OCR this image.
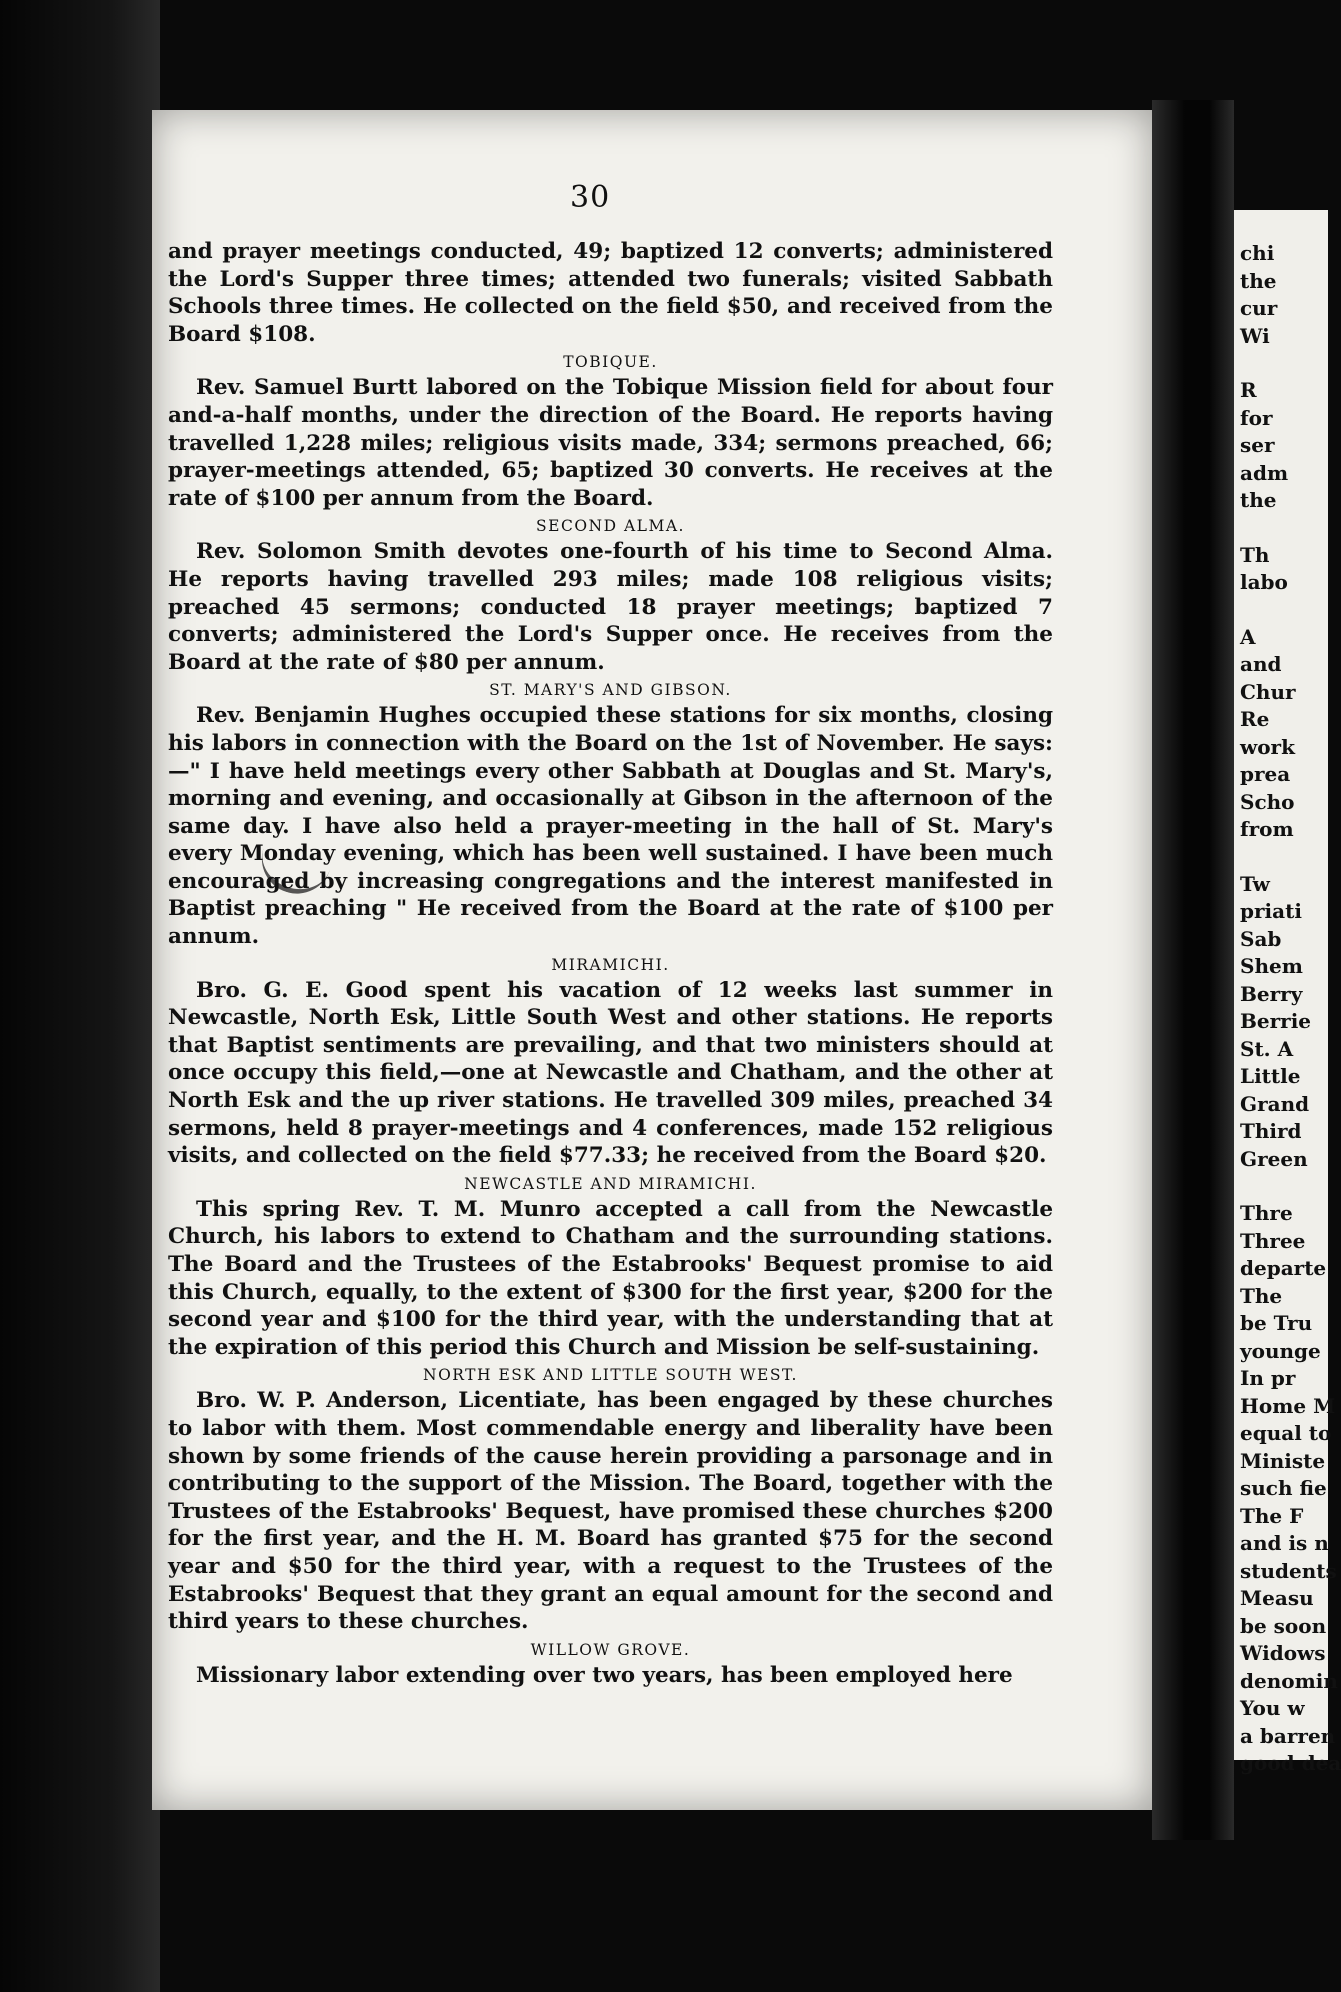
chi
the
cur
Wi
R
for
ser
adm
the
Th
labo
A
and
Chur
Re
work
prea
Scho
from
Tw
priati
Sab
Shem
Berry
Berrie
St. A
Little
Grand
Third
Green
Thre
Three
departe
The
be Tru
younge
In pr
Home M
equal to
Ministe
such fie
The F
and is n
students
Measu
be soon
Widows
denomin
You w
a barren
good dea
30

and prayer meetings conducted, 49; baptized 12 converts; administered the Lord's Supper three times; attended two funerals; visited Sabbath Schools three times. He collected on the field $50, and received from the Board $108.

TOBIQUE.

Rev. Samuel Burtt labored on the Tobique Mission field for about four and-a-half months, under the direction of the Board. He reports having travelled 1,228 miles; religious visits made, 334; sermons preached, 66; prayer-meetings attended, 65; baptized 30 converts. He receives at the rate of $100 per annum from the Board.

SECOND ALMA.

Rev. Solomon Smith devotes one-fourth of his time to Second Alma. He reports having travelled 293 miles; made 108 religious visits; preached 45 sermons; conducted 18 prayer meetings; baptized 7 converts; administered the Lord's Supper once. He receives from the Board at the rate of $80 per annum.

ST. MARY'S AND GIBSON.

Rev. Benjamin Hughes occupied these stations for six months, closing his labors in connection with the Board on the 1st of November. He says:—" I have held meetings every other Sabbath at Douglas and St. Mary's, morning and evening, and occasionally at Gibson in the afternoon of the same day. I have also held a prayer-meeting in the hall of St. Mary's every Monday evening, which has been well sustained. I have been much encouraged by increasing congregations and the interest manifested in Baptist preaching " He received from the Board at the rate of $100 per annum.

MIRAMICHI.

Bro. G. E. Good spent his vacation of 12 weeks last summer in Newcastle, North Esk, Little South West and other stations. He reports that Baptist sentiments are prevailing, and that two ministers should at once occupy this field,—one at Newcastle and Chatham, and the other at North Esk and the up river stations. He travelled 309 miles, preached 34 sermons, held 8 prayer-meetings and 4 conferences, made 152 religious visits, and collected on the field $77.33; he received from the Board $20.

NEWCASTLE AND MIRAMICHI.

This spring Rev. T. M. Munro accepted a call from the Newcastle Church, his labors to extend to Chatham and the surrounding stations. The Board and the Trustees of the Estabrooks' Bequest promise to aid this Church, equally, to the extent of $300 for the first year, $200 for the second year and $100 for the third year, with the understanding that at the expiration of this period this Church and Mission be self-sustaining.

NORTH ESK AND LITTLE SOUTH WEST.

Bro. W. P. Anderson, Licentiate, has been engaged by these churches to labor with them. Most commendable energy and liberality have been shown by some friends of the cause herein providing a parsonage and in contributing to the support of the Mission. The Board, together with the Trustees of the Estabrooks' Bequest, have promised these churches $200 for the first year, and the H. M. Board has granted $75 for the second year and $50 for the third year, with a request to the Trustees of the Estabrooks' Bequest that they grant an equal amount for the second and third years to these churches.

WILLOW GROVE.

Missionary labor extending over two years, has been employed here
